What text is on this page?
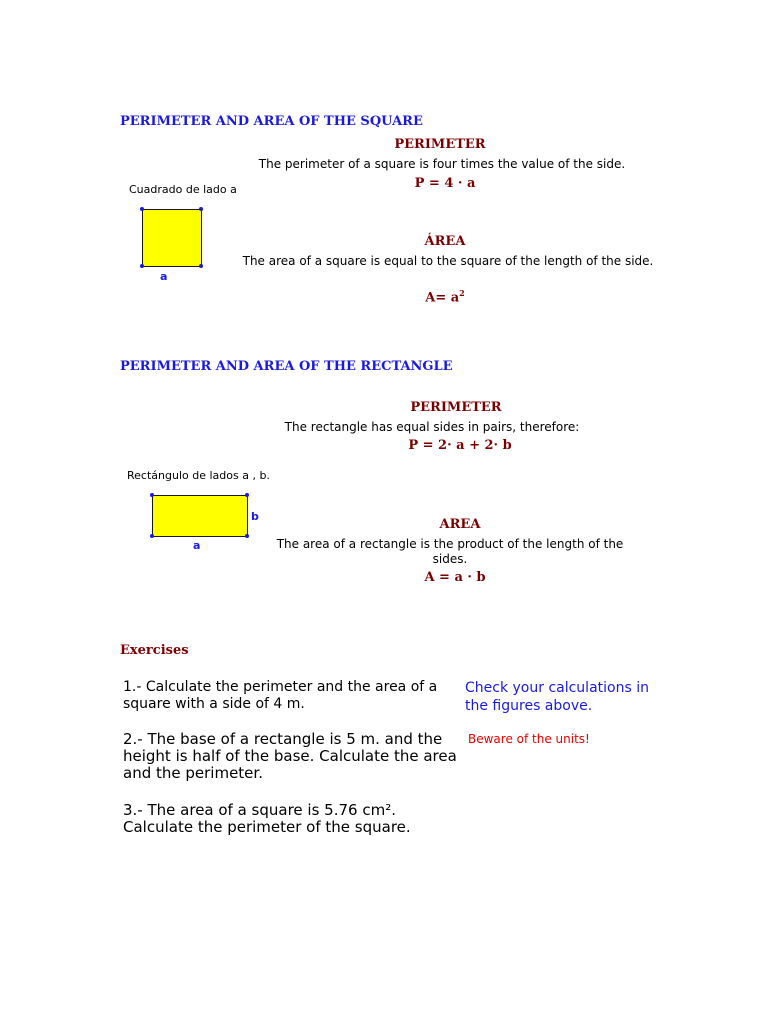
PERIMETER AND AREA OF THE SQUARE
PERIMETER
The perimeter of a square is four times the value of the side.
P = 4 · a
Cuadrado de lado a
a
ÁREA
The area of a square is equal to the square of the length of the side.
$A= a^2$
PERIMETER AND AREA OF THE RECTANGLE
PERIMETER
The rectangle has equal sides in pairs, therefore:
P = 2· a + 2· b
Rectángulo de lados a , b.
b
a
AREA
The area of a rectangle is the product of the length of the sides.
A = a · b
Exercises
1.- Calculate the perimeter and the area of a square with a side of 4 m.
2.- The base of a rectangle is 5 m. and the height is half of the base. Calculate the area and the perimeter.
3.- The area of a square is 5.76 cm². Calculate the perimeter of the square.
Check your calculations in the figures above.
Beware of the units!
